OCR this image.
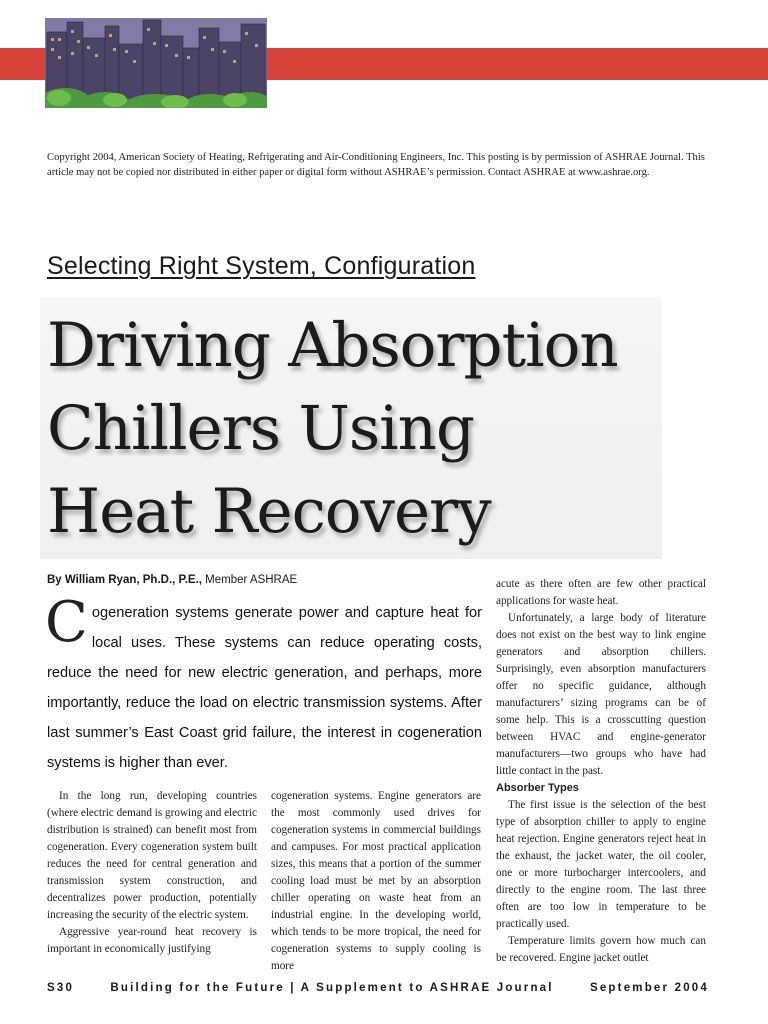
Copyright 2004, American Society of Heating, Refrigerating and Air-Conditioning Engineers, Inc. This posting is by permission of ASHRAE Journal. This article may not be copied nor distributed in either paper or digital form without ASHRAE’s permission. Contact ASHRAE at www.ashrae.org.
Selecting Right System, Configuration
Driving Absorption
Chillers Using
Heat Recovery
By William Ryan, Ph.D., P.E., Member ASHRAE
Cogeneration systems generate power and capture heat for local uses. These systems can reduce operating costs, reduce the need for new electric generation, and perhaps, more importantly, reduce the load on electric transmission systems. After last summer’s East Coast grid failure, the interest in cogeneration systems is higher than ever.

In the long run, developing countries (where electric demand is growing and electric distribution is strained) can benefit most from cogeneration. Every cogeneration system built reduces the need for central generation and transmission system construction, and decentralizes power production, potentially increasing the security of the electric system.

Aggressive year-round heat recovery is important in economically justifying

cogeneration systems. Engine generators are the most commonly used drives for cogeneration systems in commercial buildings and campuses. For most practical application sizes, this means that a portion of the summer cooling load must be met by an absorption chiller operating on waste heat from an industrial engine. In the developing world, which tends to be more tropical, the need for cogeneration systems to supply cooling is more

acute as there often are few other practical applications for waste heat.

Unfortunately, a large body of literature does not exist on the best way to link engine generators and absorption chillers. Surprisingly, even absorption manufacturers offer no specific guidance, although manufacturers’ sizing programs can be of some help. This is a crosscutting question between HVAC and engine-generator manufacturers—two groups who have had little contact in the past.

Absorber Types

The first issue is the selection of the best type of absorption chiller to apply to engine heat rejection. Engine generators reject heat in the exhaust, the jacket water, the oil cooler, one or more turbocharger intercoolers, and directly to the engine room. The last three often are too low in temperature to be practically used.

Temperature limits govern how much can be recovered. Engine jacket outlet

S30	Building for the Future | A Supplement to ASHRAE Journal	September 2004
